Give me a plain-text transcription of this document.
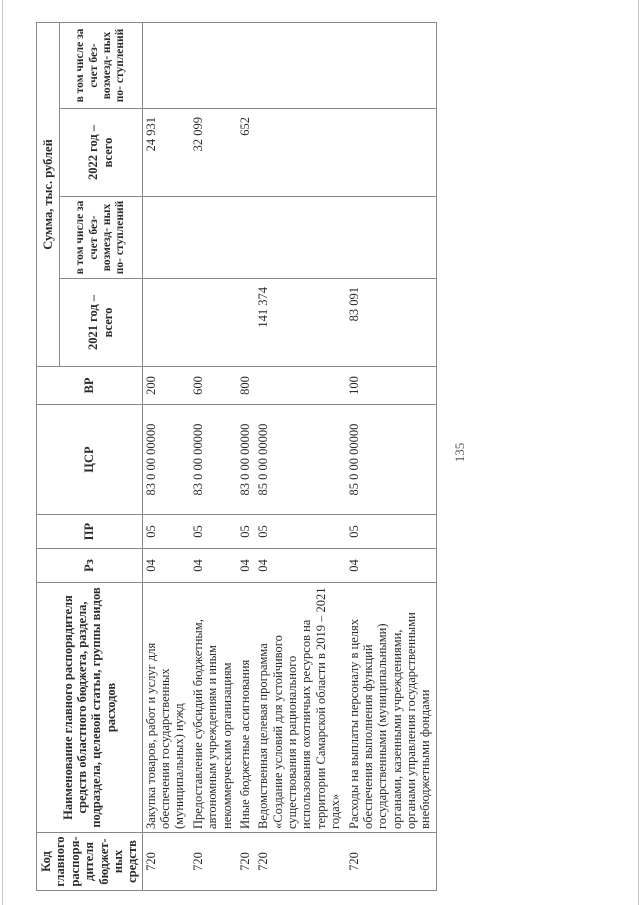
135
Код главного распоря- дителя бюджет- ных средств	Наименование главного распорядителя средств областного бюджета, раздела, подраздела, целевой статьи, группы видов расходов	Рз	ПР	ЦСР	ВР	Сумма, тыс. рублей			
						2021 год – всего	в том числе за счет без- возмезд- ных по- ступлений	2022 год – всего	в том числе за счет без- возмезд- ных по- ступлений
720	Закупка товаров, работ и услуг для обеспечения государственных (муниципальных) нужд	04	05	83 0 00 00000	200			24 931	
720	Предоставление субсидий бюджетным, автономным учреждениям и иным некоммерческим организациям	04	05	83 0 00 00000	600			32 099	
720	Иные бюджетные ассигнования	04	05	83 0 00 00000	800			652	
720	Ведомственная целевая программа «Создание условий для устойчивого существования и рационального использования охотничьих ресурсов на территории Самарской области в 2019 – 2021 годах»	04	05	85 0 00 00000		141 374			
720	Расходы на выплаты персоналу в целях обеспечения выполнения функций государственными (муниципальными) органами, казенными учреждениями, органами управления государственными внебюджетными фондами	04	05	85 0 00 00000	100	83 091			
